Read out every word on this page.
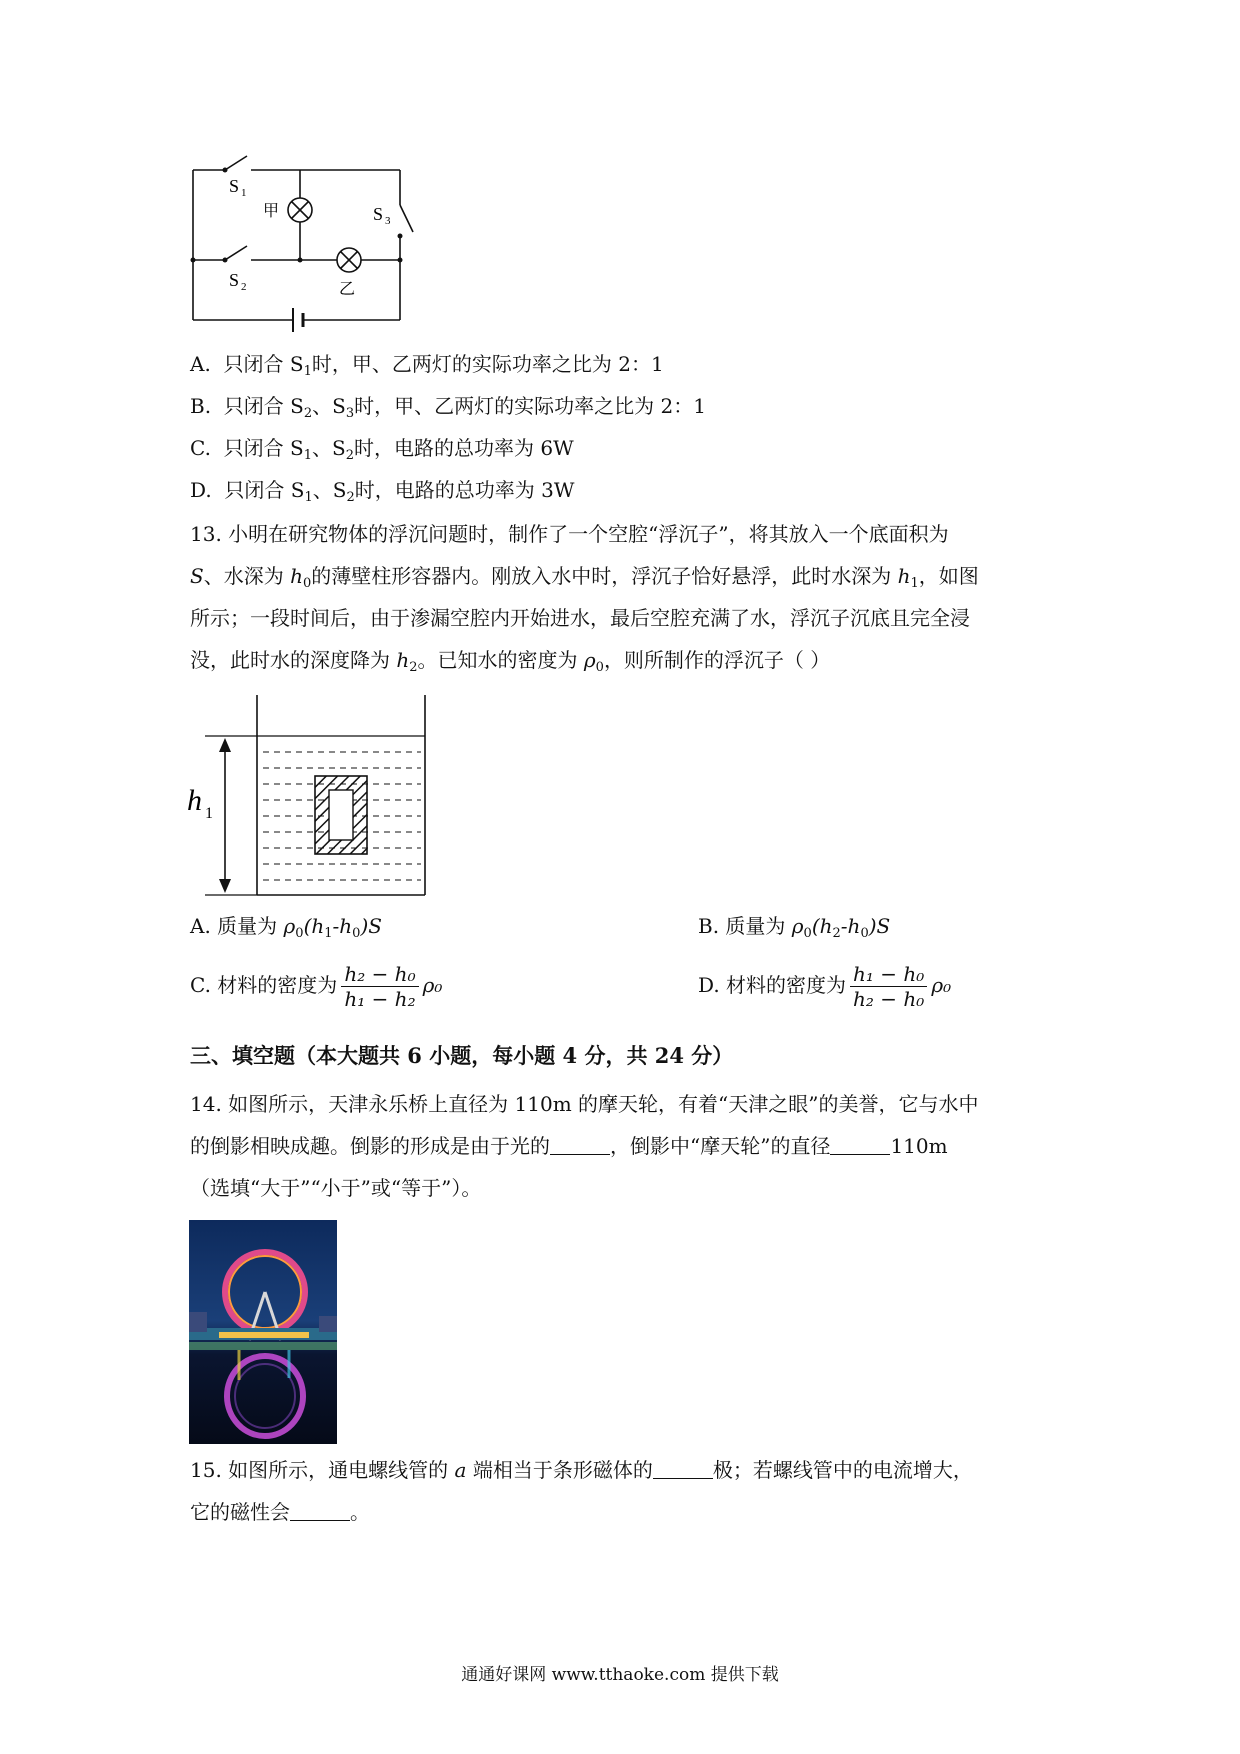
S 1
S 2
S 3
甲
乙
A. 只闭合 $S_1$时，甲、乙两灯的实际功率之比为 2：1
B. 只闭合 $S_2$、$S_3$时，甲、乙两灯的实际功率之比为 2：1
C. 只闭合 $S_1$、$S_2$时，电路的总功率为 6W
D. 只闭合 $S_1$、$S_2$时，电路的总功率为 3W
13. 小明在研究物体的浮沉问题时，制作了一个空腔“浮沉子”，将其放入一个底面积为
S、水深为 $h_0$的薄壁柱形容器内。刚放入水中时，浮沉子恰好悬浮，此时水深为 $h_1$，如图
所示；一段时间后，由于渗漏空腔内开始进水，最后空腔充满了水，浮沉子沉底且完全浸
没，此时水的深度降为 $h_2$。已知水的密度为 $\rho_0$，则所制作的浮沉子（ ）
h 1
A. 质量为 $\rho_0(h_1-h_0)S$	B. 质量为 $\rho_0(h_2-h_0)S$
C. 材料的密度为 $\frac{\text{h₂ − h₀}}{\text{h₁ − h₂}} \rho_0$	D. 材料的密度为 $\frac{\text{h₁ − h₀}}{\text{h₂ − h₀}} \rho_0$
三、填空题（本大题共 6 小题，每小题 4 分，共 24 分）
14. 如图所示，天津永乐桥上直径为 110m 的摩天轮，有着“天津之眼”的美誉，它与水中
的倒影相映成趣。倒影的形成是由于光的	，倒影中“摩天轮”的直径	110m
（选填“大于”“小于”或“等于”）。
15. 如图所示，通电螺线管的 a 端相当于条形磁体的	极；若螺线管中的电流增大，
它的磁性会	。
通通好课网 www.tthaoke.com 提供下载
